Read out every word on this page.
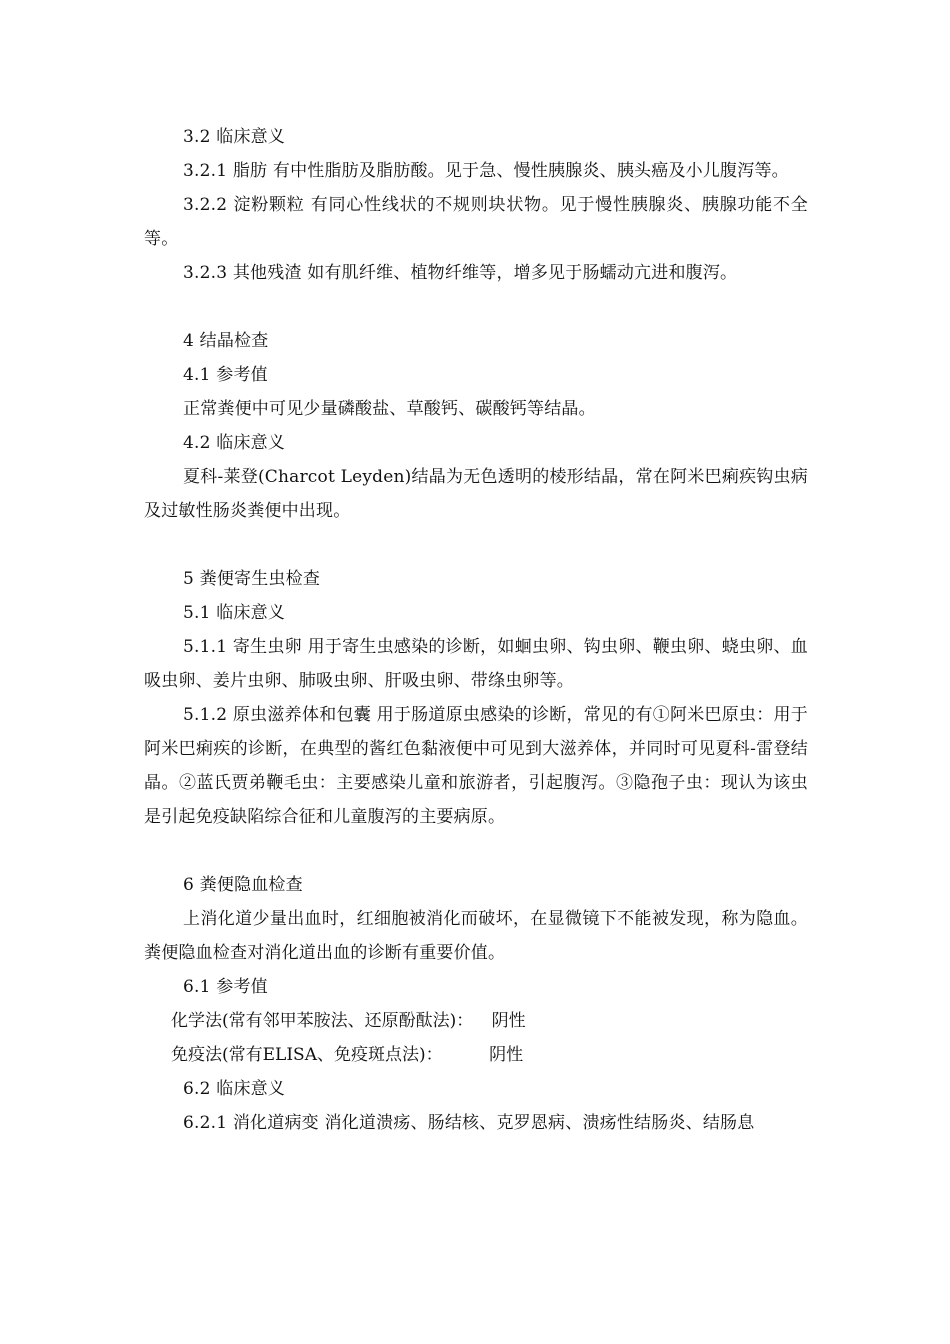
3.2 临床意义

3.2.1 脂肪 有中性脂肪及脂肪酸。见于急、慢性胰腺炎、胰头癌及小儿腹泻等。

3.2.2 淀粉颗粒 有同心性线状的不规则块状物。见于慢性胰腺炎、胰腺功能不全等。

3.2.3 其他残渣 如有肌纤维、植物纤维等，增多见于肠蠕动亢进和腹泻。

4 结晶检查
4.1 参考值
正常粪便中可见少量磷酸盐、草酸钙、碳酸钙等结晶。
4.2 临床意义

夏科-莱登(Charcot Leyden)结晶为无色透明的棱形结晶，常在阿米巴痢疾钩虫病及过敏性肠炎粪便中出现。

5 粪便寄生虫检查
5.1 临床意义

5.1.1 寄生虫卵 用于寄生虫感染的诊断，如蛔虫卵、钩虫卵、鞭虫卵、蛲虫卵、血吸虫卵、姜片虫卵、肺吸虫卵、肝吸虫卵、带绦虫卵等。

5.1.2 原虫滋养体和包囊 用于肠道原虫感染的诊断，常见的有①阿米巴原虫：用于阿米巴痢疾的诊断，在典型的酱红色黏液便中可见到大滋养体，并同时可见夏科-雷登结晶。②蓝氏贾弟鞭毛虫：主要感染儿童和旅游者，引起腹泻。③隐孢子虫：现认为该虫是引起免疫缺陷综合征和儿童腹泻的主要病原。

6 粪便隐血检查

上消化道少量出血时，红细胞被消化而破坏，在显微镜下不能被发现，称为隐血。粪便隐血检查对消化道出血的诊断有重要价值。

6.1 参考值
化学法(常有邻甲苯胺法、还原酚酞法)：	阴性
免疫法(常有ELISA、免疫斑点法)：	阴性
6.2 临床意义
6.2.1 消化道病变 消化道溃疡、肠结核、克罗恩病、溃疡性结肠炎、结肠息
